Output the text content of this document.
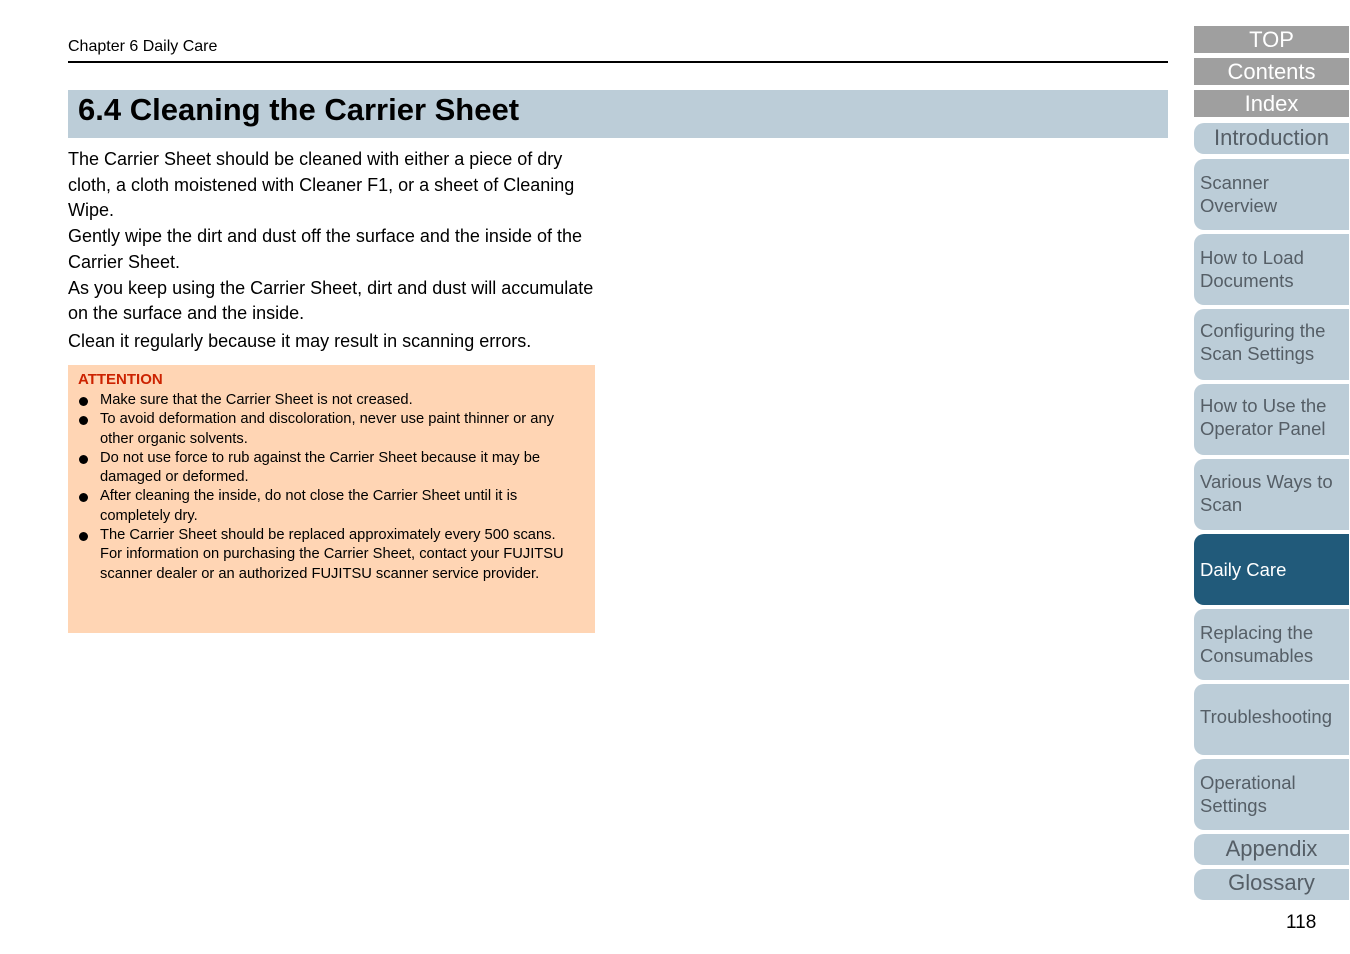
Chapter 6 Daily Care
6.4 Cleaning the Carrier Sheet

The Carrier Sheet should be cleaned with either a piece of dry cloth, a cloth moistened with Cleaner F1, or a sheet of Cleaning Wipe.

Gently wipe the dirt and dust off the surface and the inside of the Carrier Sheet.

As you keep using the Carrier Sheet, dirt and dust will accumulate on the surface and the inside.

Clean it regularly because it may result in scanning errors.

ATTENTION
Make sure that the Carrier Sheet is not creased.
To avoid deformation and discoloration, never use paint thinner or any other organic solvents.
Do not use force to rub against the Carrier Sheet because it may be damaged or deformed.
After cleaning the inside, do not close the Carrier Sheet until it is completely dry.
The Carrier Sheet should be replaced approximately every 500 scans.
For information on purchasing the Carrier Sheet, contact your FUJITSU scanner dealer or an authorized FUJITSU scanner service provider.
TOP
Contents
Index
Introduction
Scanner
Overview
How to Load
Documents
Configuring the
Scan Settings
How to Use the
Operator Panel
Various Ways to
Scan
Daily Care
Replacing the
Consumables
Troubleshooting
Operational
Settings
Appendix
Glossary
118
